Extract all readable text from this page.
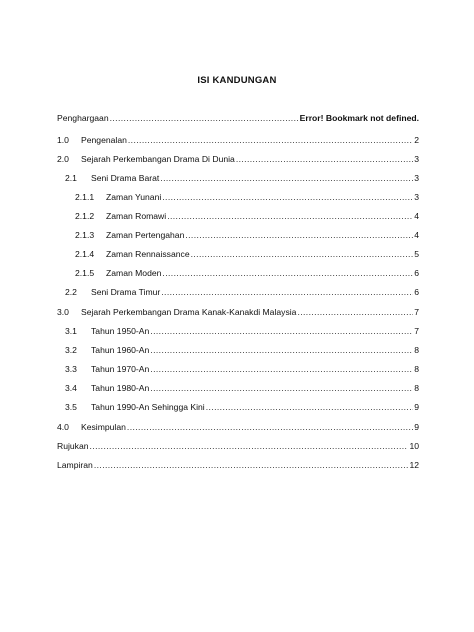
ISI KANDUNGAN
Penghargaan .....	Error! Bookmark not defined.
1.0	Pengenalan .....	2
2.0	Sejarah Perkembangan Drama Di Dunia .....	3
2.1	Seni Drama Barat .....	3
2.1.1	Zaman Yunani .....	3
2.1.2	Zaman Romawi .....	4
2.1.3	Zaman Pertengahan .....	4
2.1.4	Zaman Rennaissance .....	5
2.1.5	Zaman Moden .....	6
2.2	Seni Drama Timur .....	6
3.0	Sejarah Perkembangan Drama Kanak-Kanakdi Malaysia .....	7
3.1	Tahun 1950-An .....	7
3.2	Tahun 1960-An .....	8
3.3	Tahun 1970-An .....	8
3.4	Tahun 1980-An .....	8
3.5	Tahun 1990-An Sehingga Kini .....	9
4.0	Kesimpulan .....	9
Rujukan .....	10
Lampiran .....	12
